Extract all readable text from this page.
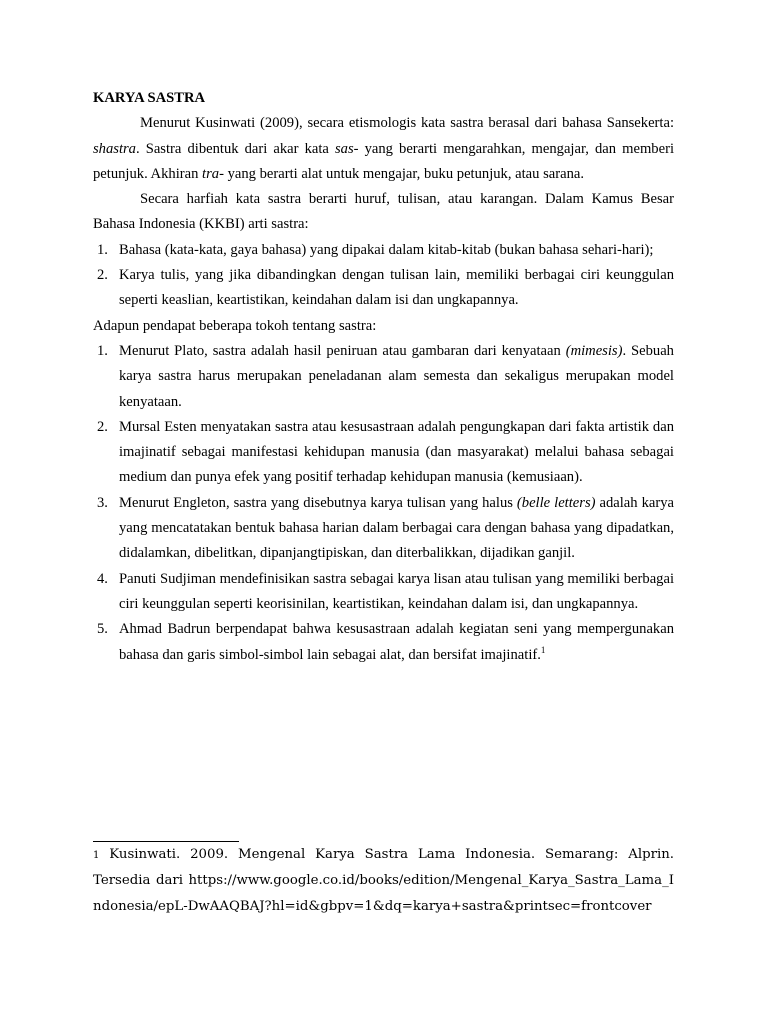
KARYA SASTRA

Menurut Kusinwati (2009), secara etismologis kata sastra berasal dari bahasa Sansekerta: shastra. Sastra dibentuk dari akar kata sas- yang berarti mengarahkan, mengajar, dan memberi petunjuk. Akhiran tra- yang berarti alat untuk mengajar, buku petunjuk, atau sarana.

Secara harfiah kata sastra berarti huruf, tulisan, atau karangan. Dalam Kamus Besar Bahasa Indonesia (KKBI) arti sastra:

1. Bahasa (kata-kata, gaya bahasa) yang dipakai dalam kitab-kitab (bukan bahasa sehari-hari);
2. Karya tulis, yang jika dibandingkan dengan tulisan lain, memiliki berbagai ciri keunggulan seperti keaslian, keartistikan, keindahan dalam isi dan ungkapannya.

Adapun pendapat beberapa tokoh tentang sastra:

1. Menurut Plato, sastra adalah hasil peniruan atau gambaran dari kenyataan (mimesis). Sebuah karya sastra harus merupakan peneladanan alam semesta dan sekaligus merupakan model kenyataan.
2. Mursal Esten menyatakan sastra atau kesusastraan adalah pengungkapan dari fakta artistik dan imajinatif sebagai manifestasi kehidupan manusia (dan masyarakat) melalui bahasa sebagai medium dan punya efek yang positif terhadap kehidupan manusia (kemusiaan).
3. Menurut Engleton, sastra yang disebutnya karya tulisan yang halus (belle letters) adalah karya yang mencatatakan bentuk bahasa harian dalam berbagai cara dengan bahasa yang dipadatkan, didalamkan, dibelitkan, dipanjangtipiskan, dan diterbalikkan, dijadikan ganjil.
4. Panuti Sudjiman mendefinisikan sastra sebagai karya lisan atau tulisan yang memiliki berbagai ciri keunggulan seperti keorisinilan, keartistikan, keindahan dalam isi, dan ungkapannya.
5. Ahmad Badrun berpendapat bahwa kesusastraan adalah kegiatan seni yang mempergunakan bahasa dan garis simbol-simbol lain sebagai alat, dan bersifat imajinatif.$^1$
$^1$ Kusinwati. 2009. Mengenal Karya Sastra Lama Indonesia. Semarang: Alprin. Tersedia dari https://www.google.co.id/books/edition/Mengenal_Karya_Sastra_Lama_Indonesia/epL-DwAAQBAJ?hl=id&gbpv=1&dq=karya+sastra&printsec=frontcover
